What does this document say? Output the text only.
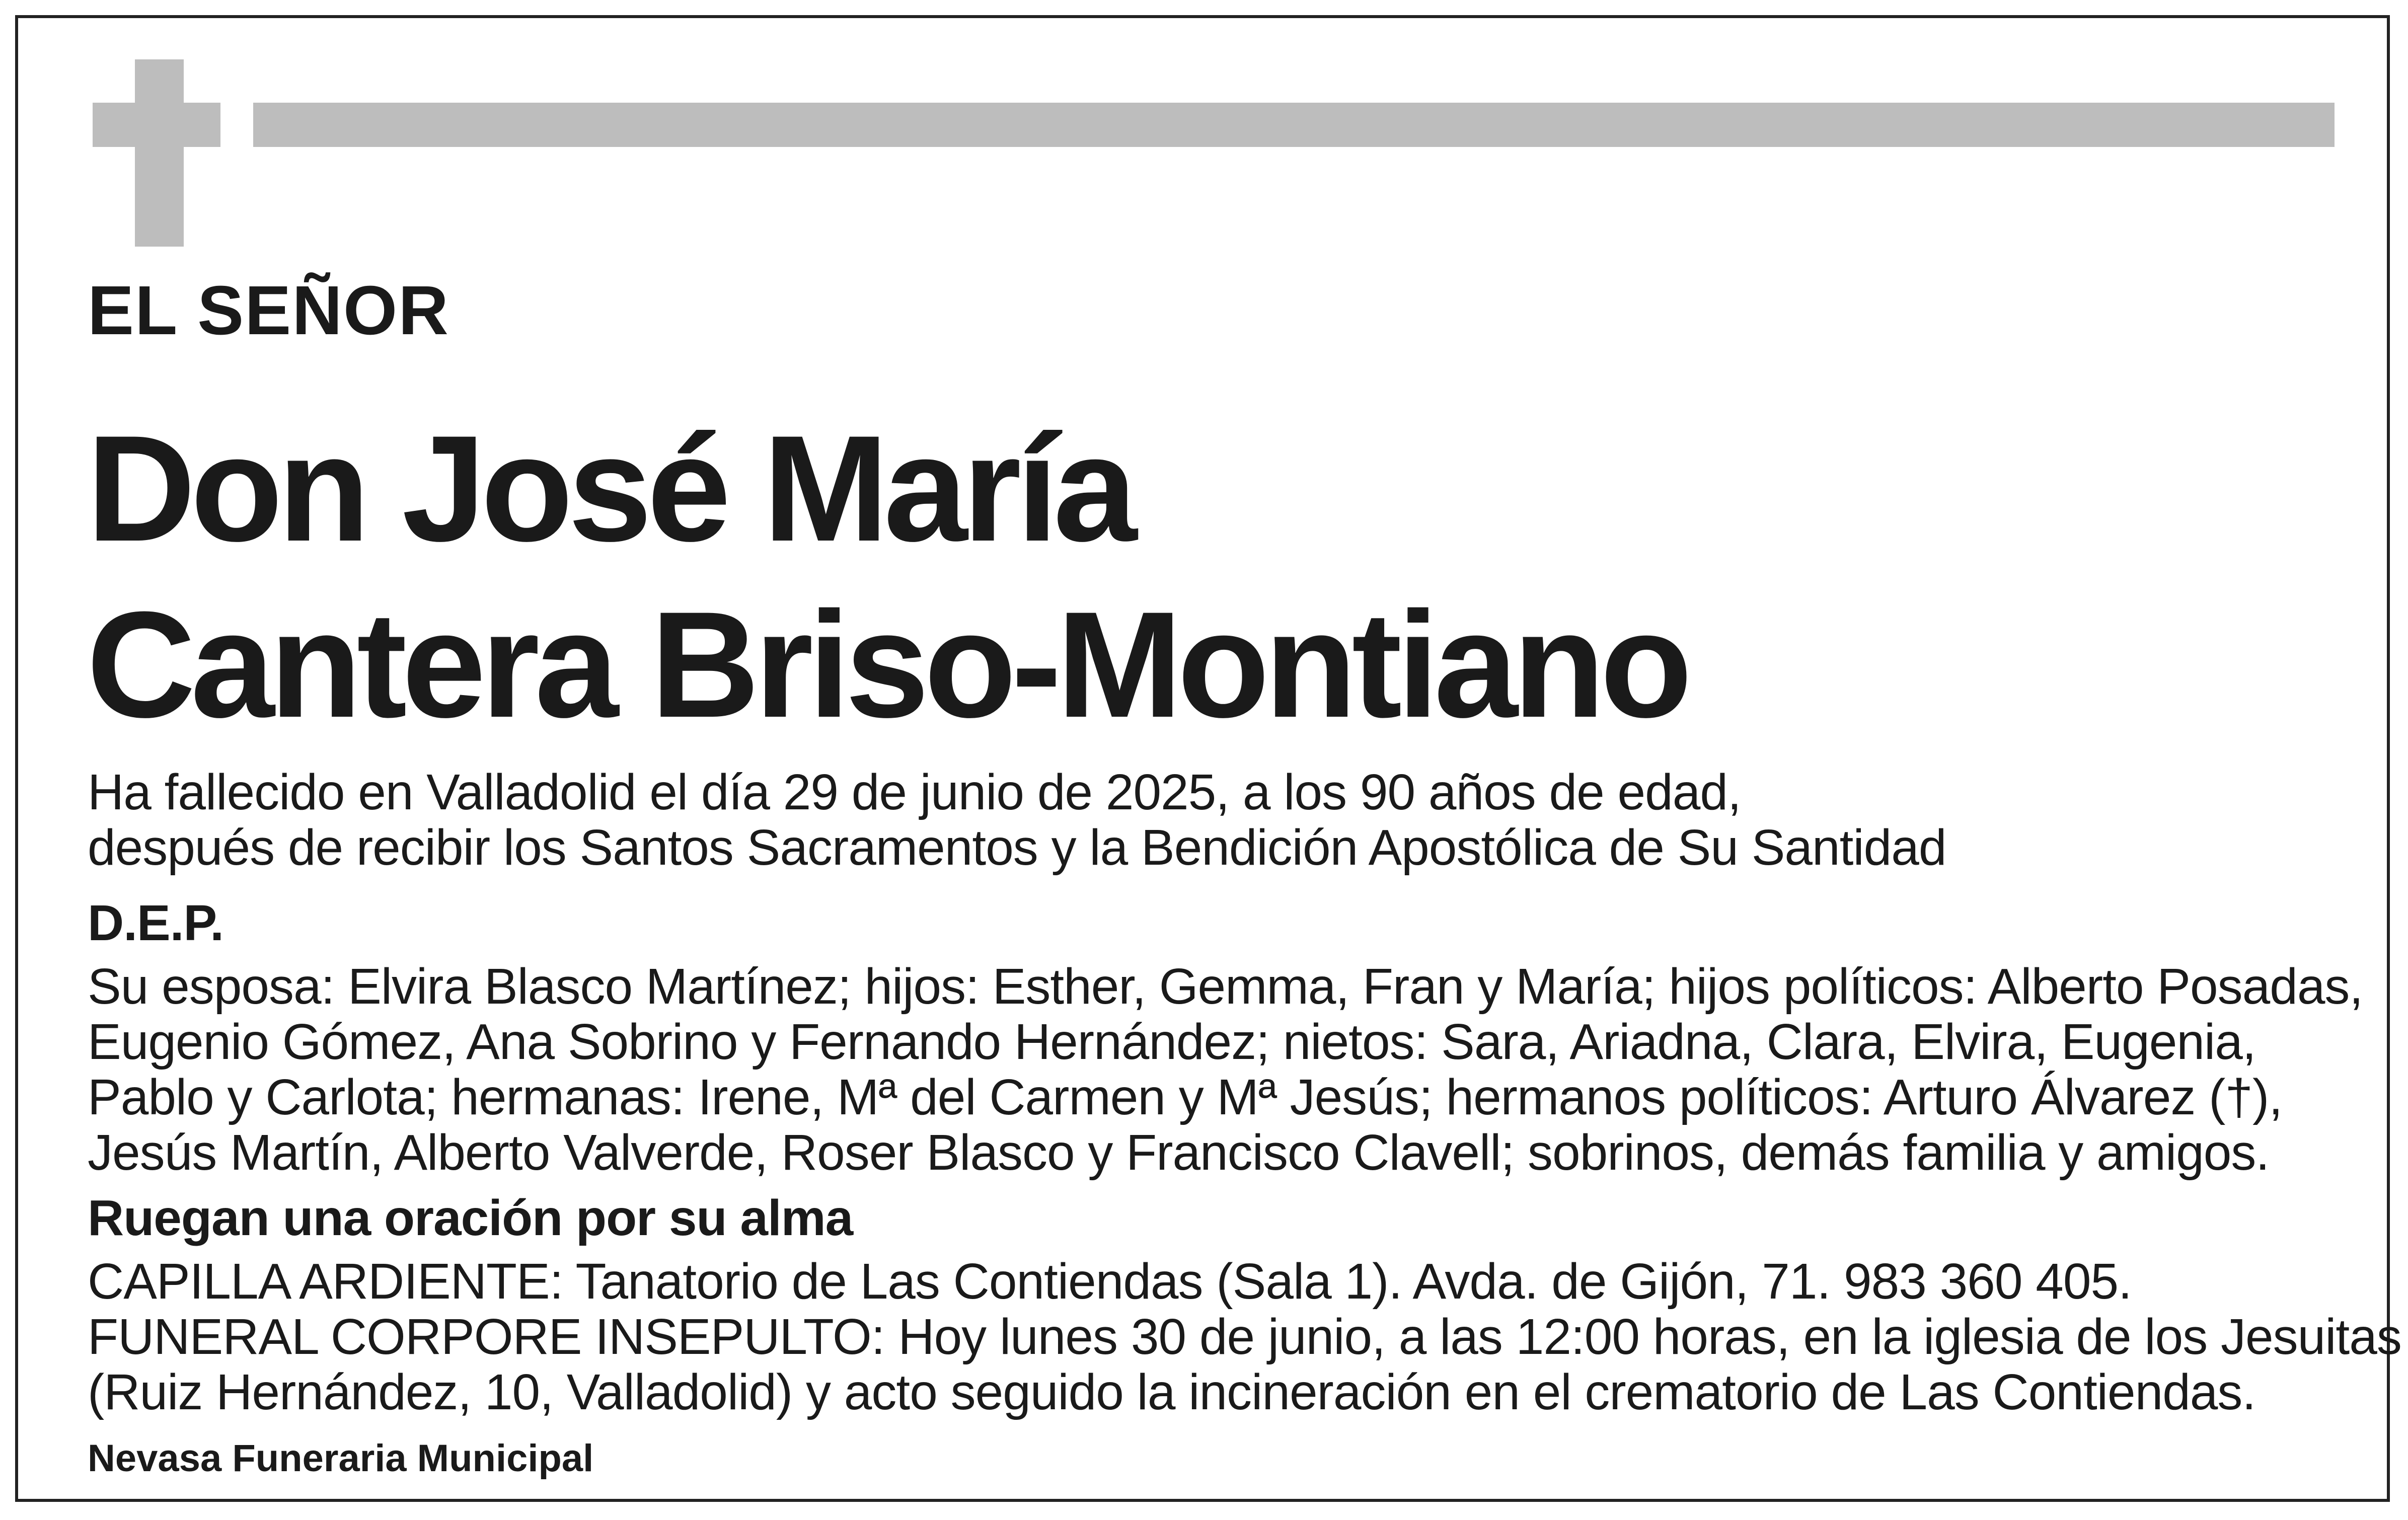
EL SEÑOR
Don José María
Cantera Briso-Montiano
Ha fallecido en Valladolid el día 29 de junio de 2025, a los 90 años de edad,
después de recibir los Santos Sacramentos y la Bendición Apostólica de Su Santidad
D.E.P.
Su esposa: Elvira Blasco Martínez; hijos: Esther, Gemma, Fran y María; hijos políticos: Alberto Posadas,
Eugenio Gómez, Ana Sobrino y Fernando Hernández; nietos: Sara, Ariadna, Clara, Elvira, Eugenia,
Pablo y Carlota; hermanas: Irene, Mª del Carmen y Mª Jesús; hermanos políticos: Arturo Álvarez (†),
Jesús Martín, Alberto Valverde, Roser Blasco y Francisco Clavell; sobrinos, demás familia y amigos.
Ruegan una oración por su alma
CAPILLA ARDIENTE: Tanatorio de Las Contiendas (Sala 1). Avda. de Gijón, 71. 983 360 405.
FUNERAL CORPORE INSEPULTO: Hoy lunes 30 de junio, a las 12:00 horas, en la iglesia de los Jesuitas
(Ruiz Hernández, 10, Valladolid) y acto seguido la incineración en el crematorio de Las Contiendas.
Nevasa Funeraria Municipal
